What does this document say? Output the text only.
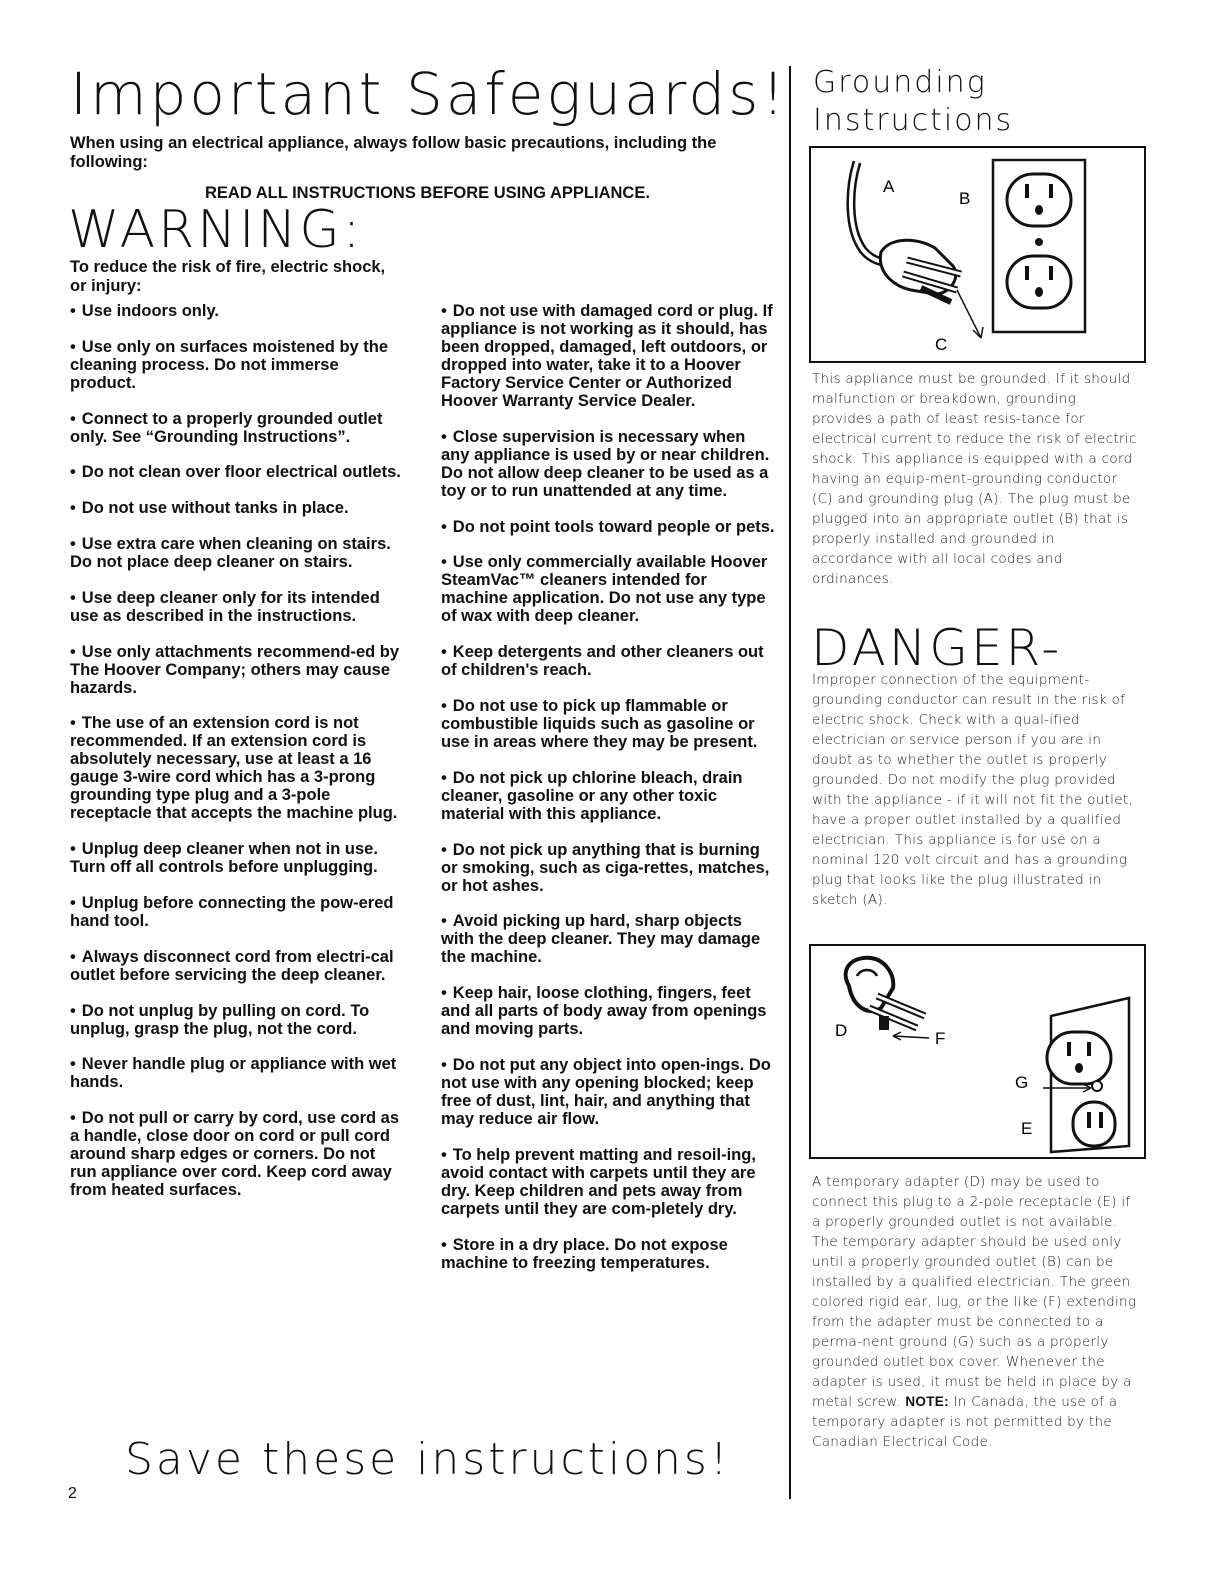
Important Safeguards!
When using an electrical appliance, always follow basic precautions, including the following:
READ ALL INSTRUCTIONS BEFORE USING APPLIANCE.
WARNING:
To reduce the risk of fire, electric shock, or injury:
• Use indoors only.
• Use only on surfaces moistened by the cleaning process. Do not immerse product.
• Connect to a properly grounded outlet only. See “Grounding Instructions”.
• Do not clean over floor electrical outlets.
• Do not use without tanks in place.
• Use extra care when cleaning on stairs. Do not place deep cleaner on stairs.
• Use deep cleaner only for its intended use as described in the instructions.
• Use only attachments recommend-ed by The Hoover Company; others may cause hazards.
• The use of an extension cord is not recommended. If an extension cord is absolutely necessary, use at least a 16 gauge 3-wire cord which has a 3-prong grounding type plug and a 3-pole receptacle that accepts the machine plug.
• Unplug deep cleaner when not in use. Turn off all controls before unplugging.
• Unplug before connecting the pow-ered hand tool.
• Always disconnect cord from electri-cal outlet before servicing the deep cleaner.
• Do not unplug by pulling on cord. To unplug, grasp the plug, not the cord.
• Never handle plug or appliance with wet hands.
• Do not pull or carry by cord, use cord as a handle, close door on cord or pull cord around sharp edges or corners. Do not run appliance over cord. Keep cord away from heated surfaces.
• Do not use with damaged cord or plug. If appliance is not working as it should, has been dropped, damaged, left outdoors, or dropped into water, take it to a Hoover Factory Service Center or Authorized Hoover Warranty Service Dealer.
• Close supervision is necessary when any appliance is used by or near children. Do not allow deep cleaner to be used as a toy or to run unattended at any time.
• Do not point tools toward people or pets.
• Use only commercially available Hoover SteamVac™ cleaners intended for machine application. Do not use any type of wax with deep cleaner.
• Keep detergents and other cleaners out of children's reach.
• Do not use to pick up flammable or combustible liquids such as gasoline or use in areas where they may be present.
• Do not pick up chlorine bleach, drain cleaner, gasoline or any other toxic material with this appliance.
• Do not pick up anything that is burning or smoking, such as ciga-rettes, matches, or hot ashes.
• Avoid picking up hard, sharp objects with the deep cleaner. They may damage the machine.
• Keep hair, loose clothing, fingers, feet and all parts of body away from openings and moving parts.
• Do not put any object into open-ings. Do not use with any opening blocked; keep free of dust, lint, hair, and anything that may reduce air flow.
• To help prevent matting and resoil-ing, avoid contact with carpets until they are dry. Keep children and pets away from carpets until they are com-pletely dry.
• Store in a dry place. Do not expose machine to freezing temperatures.
Save these instructions!
2
Grounding
Instructions
A
B
C
This appliance must be grounded. If it should malfunction or breakdown, grounding provides a path of least resis-tance for electrical current to reduce the risk of electric shock. This appliance is equipped with a cord having an equip-ment-grounding conductor (C) and grounding plug (A). The plug must be plugged into an appropriate outlet (B) that is properly installed and grounded in accordance with all local codes and ordinances.
DANGER-
Improper connection of the equipment-grounding conductor can result in the risk of electric shock. Check with a qual-ified electrician or service person if you are in doubt as to whether the outlet is properly grounded. Do not modify the plug provided with the appliance - if it will not fit the outlet, have a proper outlet installed by a qualified electrician. This appliance is for use on a nominal 120 volt circuit and has a grounding plug that looks like the plug illustrated in sketch (A).
D	F
G
E
A temporary adapter (D) may be used to connect this plug to a 2-pole receptacle (E) if a properly grounded outlet is not available. The temporary adapter should be used only until a properly grounded outlet (B) can be installed by a qualified electrician. The green colored rigid ear, lug, or the like (F) extending from the adapter must be connected to a perma-nent ground (G) such as a properly grounded outlet box cover. Whenever the adapter is used, it must be held in place by a metal screw. NOTE: In Canada, the use of a temporary adapter is not permitted by the Canadian Electrical Code.
